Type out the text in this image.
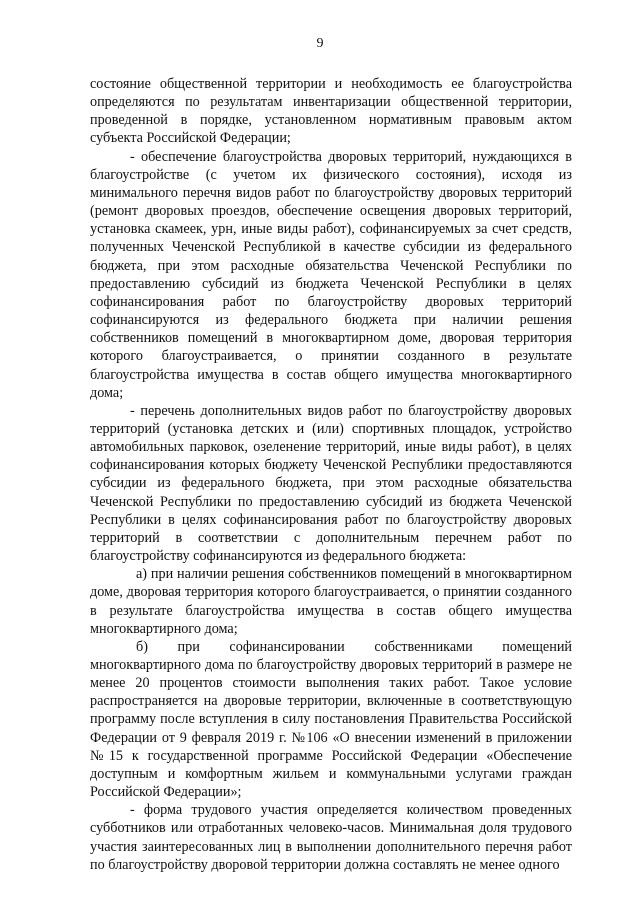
9

состояние общественной территории и необходимость ее благоустройства определяются по результатам инвентаризации общественной территории, проведенной в порядке, установленном нормативным правовым актом субъекта Российской Федерации;

- обеспечение благоустройства дворовых территорий, нуждающихся в благоустройстве (с учетом их физического состояния), исходя из минимального перечня видов работ по благоустройству дворовых территорий (ремонт дворовых проездов, обеспечение освещения дворовых территорий, установка скамеек, урн, иные виды работ), софинансируемых за счет средств, полученных Чеченской Республикой в качестве субсидии из федерального бюджета, при этом расходные обязательства Чеченской Республики по предоставлению субсидий из бюджета Чеченской Республики в целях софинансирования работ по благоустройству дворовых территорий софинансируются из федерального бюджета при наличии решения собственников помещений в многоквартирном доме, дворовая территория которого благоустраивается, о принятии созданного в результате благоустройства имущества в состав общего имущества многоквартирного дома;

- перечень дополнительных видов работ по благоустройству дворовых территорий (установка детских и (или) спортивных площадок, устройство автомобильных парковок, озеленение территорий, иные виды работ), в целях софинансирования которых бюджету Чеченской Республики предоставляются субсидии из федерального бюджета, при этом расходные обязательства Чеченской Республики по предоставлению субсидий из бюджета Чеченской Республики в целях софинансирования работ по благоустройству дворовых территорий в соответствии с дополнительным перечнем работ по благоустройству софинансируются из федерального бюджета:

а) при наличии решения собственников помещений в многоквартирном доме, дворовая территория которого благоустраивается, о принятии созданного в результате благоустройства имущества в состав общего имущества многоквартирного дома;

б) при софинансировании собственниками помещений многоквартирного дома по благоустройству дворовых территорий в размере не менее 20 процентов стоимости выполнения таких работ. Такое условие распространяется на дворовые территории, включенные в соответствующую программу после вступления в силу постановления Правительства Российской Федерации от 9 февраля 2019 г. №106 «О внесении изменений в приложении №15 к государственной программе Российской Федерации «Обеспечение доступным и комфортным жильем и коммунальными услугами граждан Российской Федерации»;

- форма трудового участия определяется количеством проведенных субботников или отработанных человеко-часов. Минимальная доля трудового участия заинтересованных лиц в выполнении дополнительного перечня работ по благоустройству дворовой территории должна составлять не менее одного
